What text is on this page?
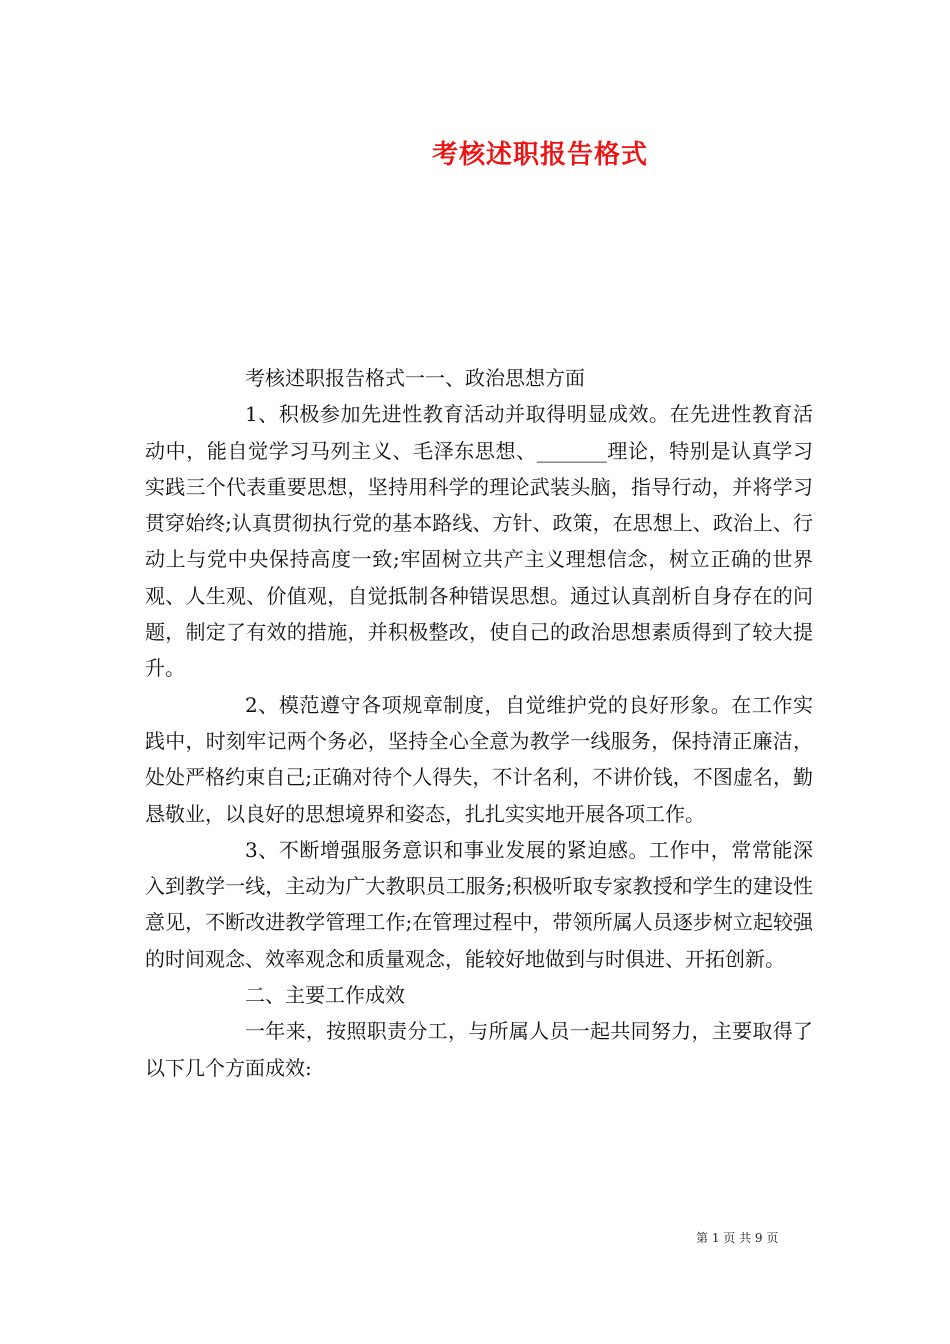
考核述职报告格式

考核述职报告格式一一、政治思想方面

1、积极参加先进性教育活动并取得明显成效。在先进性教育活动中，能自觉学习马列主义、毛泽东思想、_______理论，特别是认真学习实践三个代表重要思想，坚持用科学的理论武装头脑，指导行动，并将学习贯穿始终;认真贯彻执行党的基本路线、方针、政策，在思想上、政治上、行动上与党中央保持高度一致;牢固树立共产主义理想信念，树立正确的世界观、人生观、价值观，自觉抵制各种错误思想。通过认真剖析自身存在的问题，制定了有效的措施，并积极整改，使自己的政治思想素质得到了较大提升。

2、模范遵守各项规章制度，自觉维护党的良好形象。在工作实践中，时刻牢记两个务必，坚持全心全意为教学一线服务，保持清正廉洁，处处严格约束自己;正确对待个人得失，不计名利，不讲价钱，不图虚名，勤恳敬业，以良好的思想境界和姿态，扎扎实实地开展各项工作。

3、不断增强服务意识和事业发展的紧迫感。工作中，常常能深入到教学一线，主动为广大教职员工服务;积极听取专家教授和学生的建设性意见，不断改进教学管理工作;在管理过程中，带领所属人员逐步树立起较强的时间观念、效率观念和质量观念，能较好地做到与时俱进、开拓创新。

二、主要工作成效

一年来，按照职责分工，与所属人员一起共同努力，主要取得了以下几个方面成效:

第 1 页 共 9 页
